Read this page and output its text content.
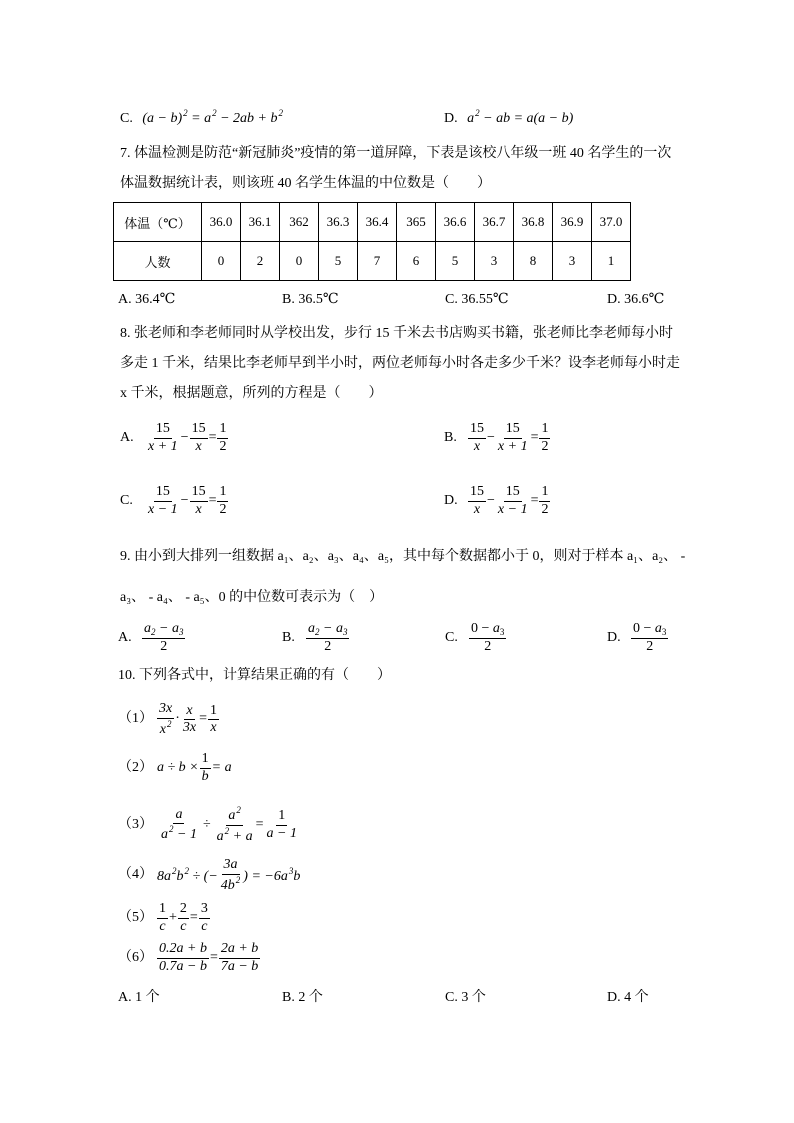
C. $(a - b)^2 = a^2 - 2ab + b^2$	D. $a^2$ − ab = a(a − b)
7. 体温检测是防范“新冠肺炎”疫情的第一道屏障，下表是该校八年级一班 40 名学生的一次
体温数据统计表，则该班 40 名学生体温的中位数是（　　）
体温（℃）	36.0	36.1	362	36.3	36.4	365	36.6	36.7	36.8	36.9	37.0
人数	0	2	0	5	7	6	5	3	8	3	1
A. 36.4℃	B. 36.5℃	C. 36.55℃	D. 36.6℃
8. 张老师和李老师同时从学校出发，步行 15 千米去书店购买书籍，张老师比李老师每小时
多走 1 千米，结果比李老师早到半小时，两位老师每小时各走多少千米？设李老师每小时走
x 千米，根据题意，所列的方程是（　　）
A. $\frac{15}{x + 1} - \frac{15}{x} = \frac{1}{2}$	B. $\frac{15}{x} - \frac{15}{x + 1} = \frac{1}{2}$
C. $\frac{15}{x - 1} - \frac{15}{x} = \frac{1}{2}$	D. $\frac{15}{x} - \frac{15}{x - 1} = \frac{1}{2}$
9. 由小到大排列一组数据 a₁、a₂、a₃、a₄、a₅，其中每个数据都小于 0，则对于样本 a₁、a₂、 -
a₃、 - a₄、 - a₅、0 的中位数可表示为（　）
A. $\frac{a_2 - a_3}{2}$	B. $\frac{a_2 - a_3}{2}$	C. $\frac{0 - a_3}{2}$	D. $\frac{0 - a_3}{2}$
10. 下列各式中，计算结果正确的有（　　）
$(1) \frac{3x}{x^2} \cdot \frac{x}{3x} = \frac{1}{x}$
（2） $a \div b \times \frac{1}{b} = a$
$(3) \frac{a}{a^2 - 1} \div \frac{a^2}{a^2 + a} = \frac{1}{a - 1}$
（4） $8a^2b^2$ ÷ (− $\frac{3a}{4b^2}$ ) = $-6a^3b$
$(5) \frac{1}{c} + \frac{2}{c} = \frac{3}{c}$
$(6) \frac{0.2a + b}{0.7a - b} = \frac{2a + b}{7a - b}$
A. 1 个	B. 2 个	C. 3 个	D. 4 个
